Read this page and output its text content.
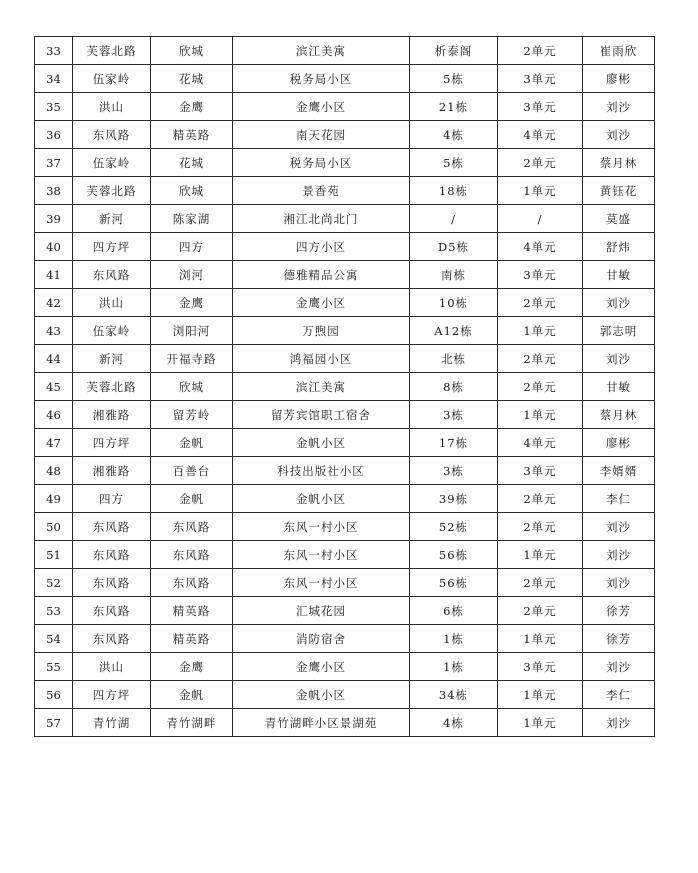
33	芙蓉北路	欣城	滨江美寓	析泰阁	2单元	崔雨欣
34	伍家岭	花城	税务局小区	5栋	3单元	廖彬
35	洪山	金鹰	金鹰小区	21栋	3单元	刘沙
36	东风路	精英路	南天花园	4栋	4单元	刘沙
37	伍家岭	花城	税务局小区	5栋	2单元	蔡月林
38	芙蓉北路	欣城	景香苑	18栋	1单元	黄钰花
39	新河	陈家湖	湘江北尚北门	/	/	莫盛
40	四方坪	四方	四方小区	D5栋	4单元	舒炜
41	东风路	浏河	德雅精品公寓	南栋	3单元	甘敏
42	洪山	金鹰	金鹰小区	10栋	2单元	刘沙
43	伍家岭	浏阳河	万煦园	A12栋	1单元	郭志明
44	新河	开福寺路	鸿福园小区	北栋	2单元	刘沙
45	芙蓉北路	欣城	滨江美寓	8栋	2单元	甘敏
46	湘雅路	留芳岭	留芳宾馆职工宿舍	3栋	1单元	蔡月林
47	四方坪	金帆	金帆小区	17栋	4单元	廖彬
48	湘雅路	百善台	科技出版社小区	3栋	3单元	李婿婿
49	四方	金帆	金帆小区	39栋	2单元	李仁
50	东风路	东风路	东风一村小区	52栋	2单元	刘沙
51	东风路	东风路	东风一村小区	56栋	1单元	刘沙
52	东风路	东风路	东风一村小区	56栋	2单元	刘沙
53	东风路	精英路	汇城花园	6栋	2单元	徐芳
54	东风路	精英路	消防宿舍	1栋	1单元	徐芳
55	洪山	金鹰	金鹰小区	1栋	3单元	刘沙
56	四方坪	金帆	金帆小区	34栋	1单元	李仁
57	青竹湖	青竹湖畔	青竹湖畔小区景湖苑	4栋	1单元	刘沙
